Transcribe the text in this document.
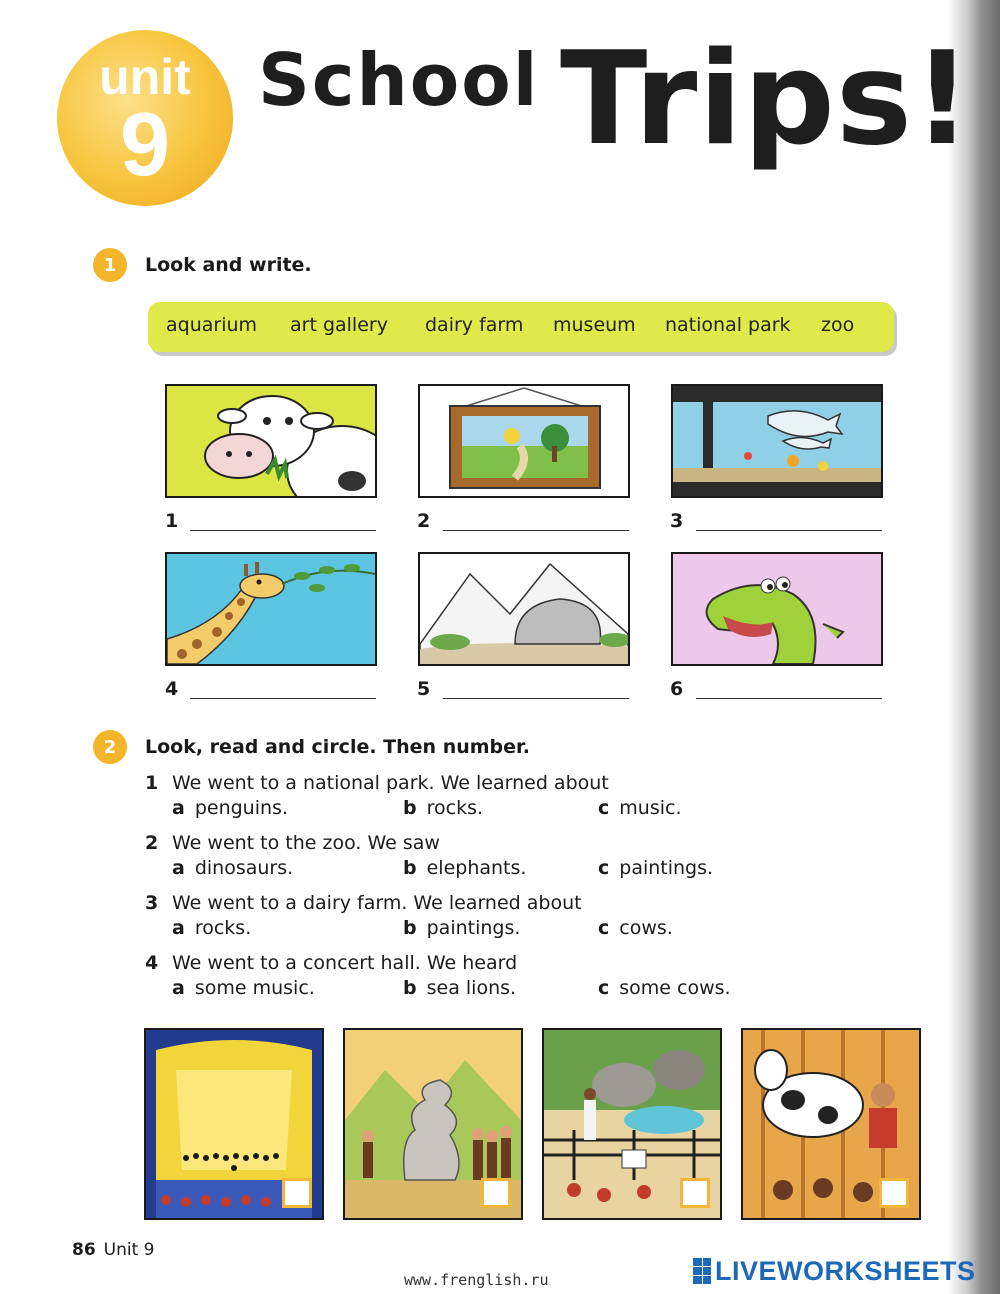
unit
9
School Trips!
1	Look and write.
aquarium art gallery dairy farm museum national park zoo
1	2	3
4	5	6
2	Look, read and circle. Then number.
1 We went to a national park. We learned about
a penguins.	b rocks.	c music.
2 We went to the zoo. We saw
a dinosaurs.	b elephants.	c paintings.
3 We went to a dairy farm. We learned about
a rocks.	b paintings.	c cows.
4 We went to a concert hall. We heard
a some music.	b sea lions.	c some cows.
86 Unit 9
www.frenglish.ru	LIVEWORKSHEETS
